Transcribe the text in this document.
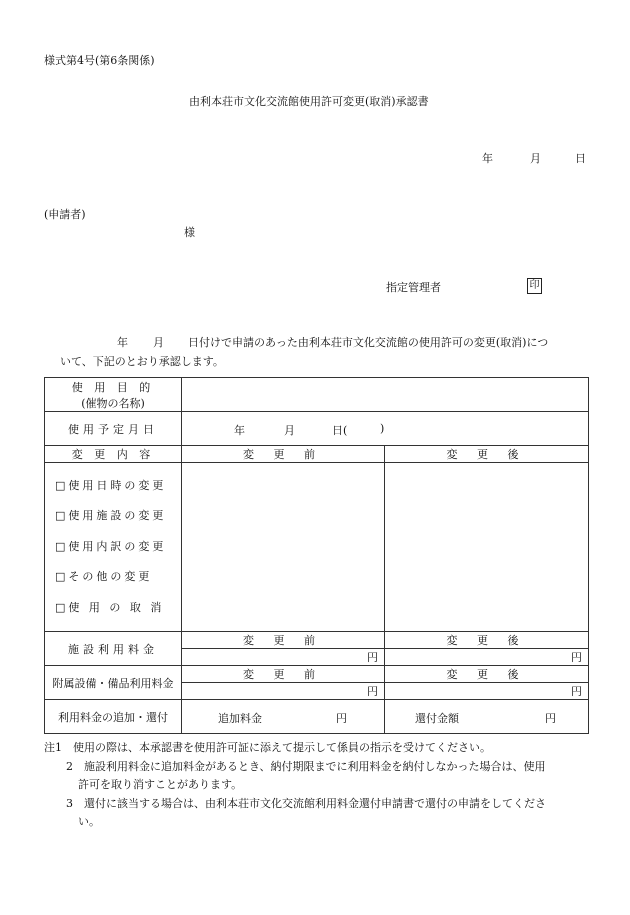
様式第4号(第6条関係)
由利本荘市文化交流館使用許可変更(取消)承認書
年	月	日
(申請者)
様
指定管理者	印
年 月 日付けで申請のあった由利本荘市文化交流館の使用許可の変更(取消)につ
いて、下記のとおり承認します。
使 用 目 的
(催物の名称)		

使用予定月日	年 月 日( )	

変 更 内 容	変 更 前	変 更 後

□使用日時の変更
□使用施設の変更
□使用内訳の変更
□その他の変更
□使 用 の 取 消		

施設利用料金	変 更 前	変 更 後
	円	円
附属設備・備品利用料金	変 更 前	変 更 後
	円	円
利用料金の追加・還付	追加料金 円	還付金額 円
注1　使用の際は、本承認書を使用許可証に添えて提示して係員の指示を受けてください。
2　施設利用料金に追加料金があるとき、納付期限までに利用料金を納付しなかった場合は、使用
許可を取り消すことがあります。
3　還付に該当する場合は、由利本荘市文化交流館利用料金還付申請書で還付の申請をしてくださ
い。
